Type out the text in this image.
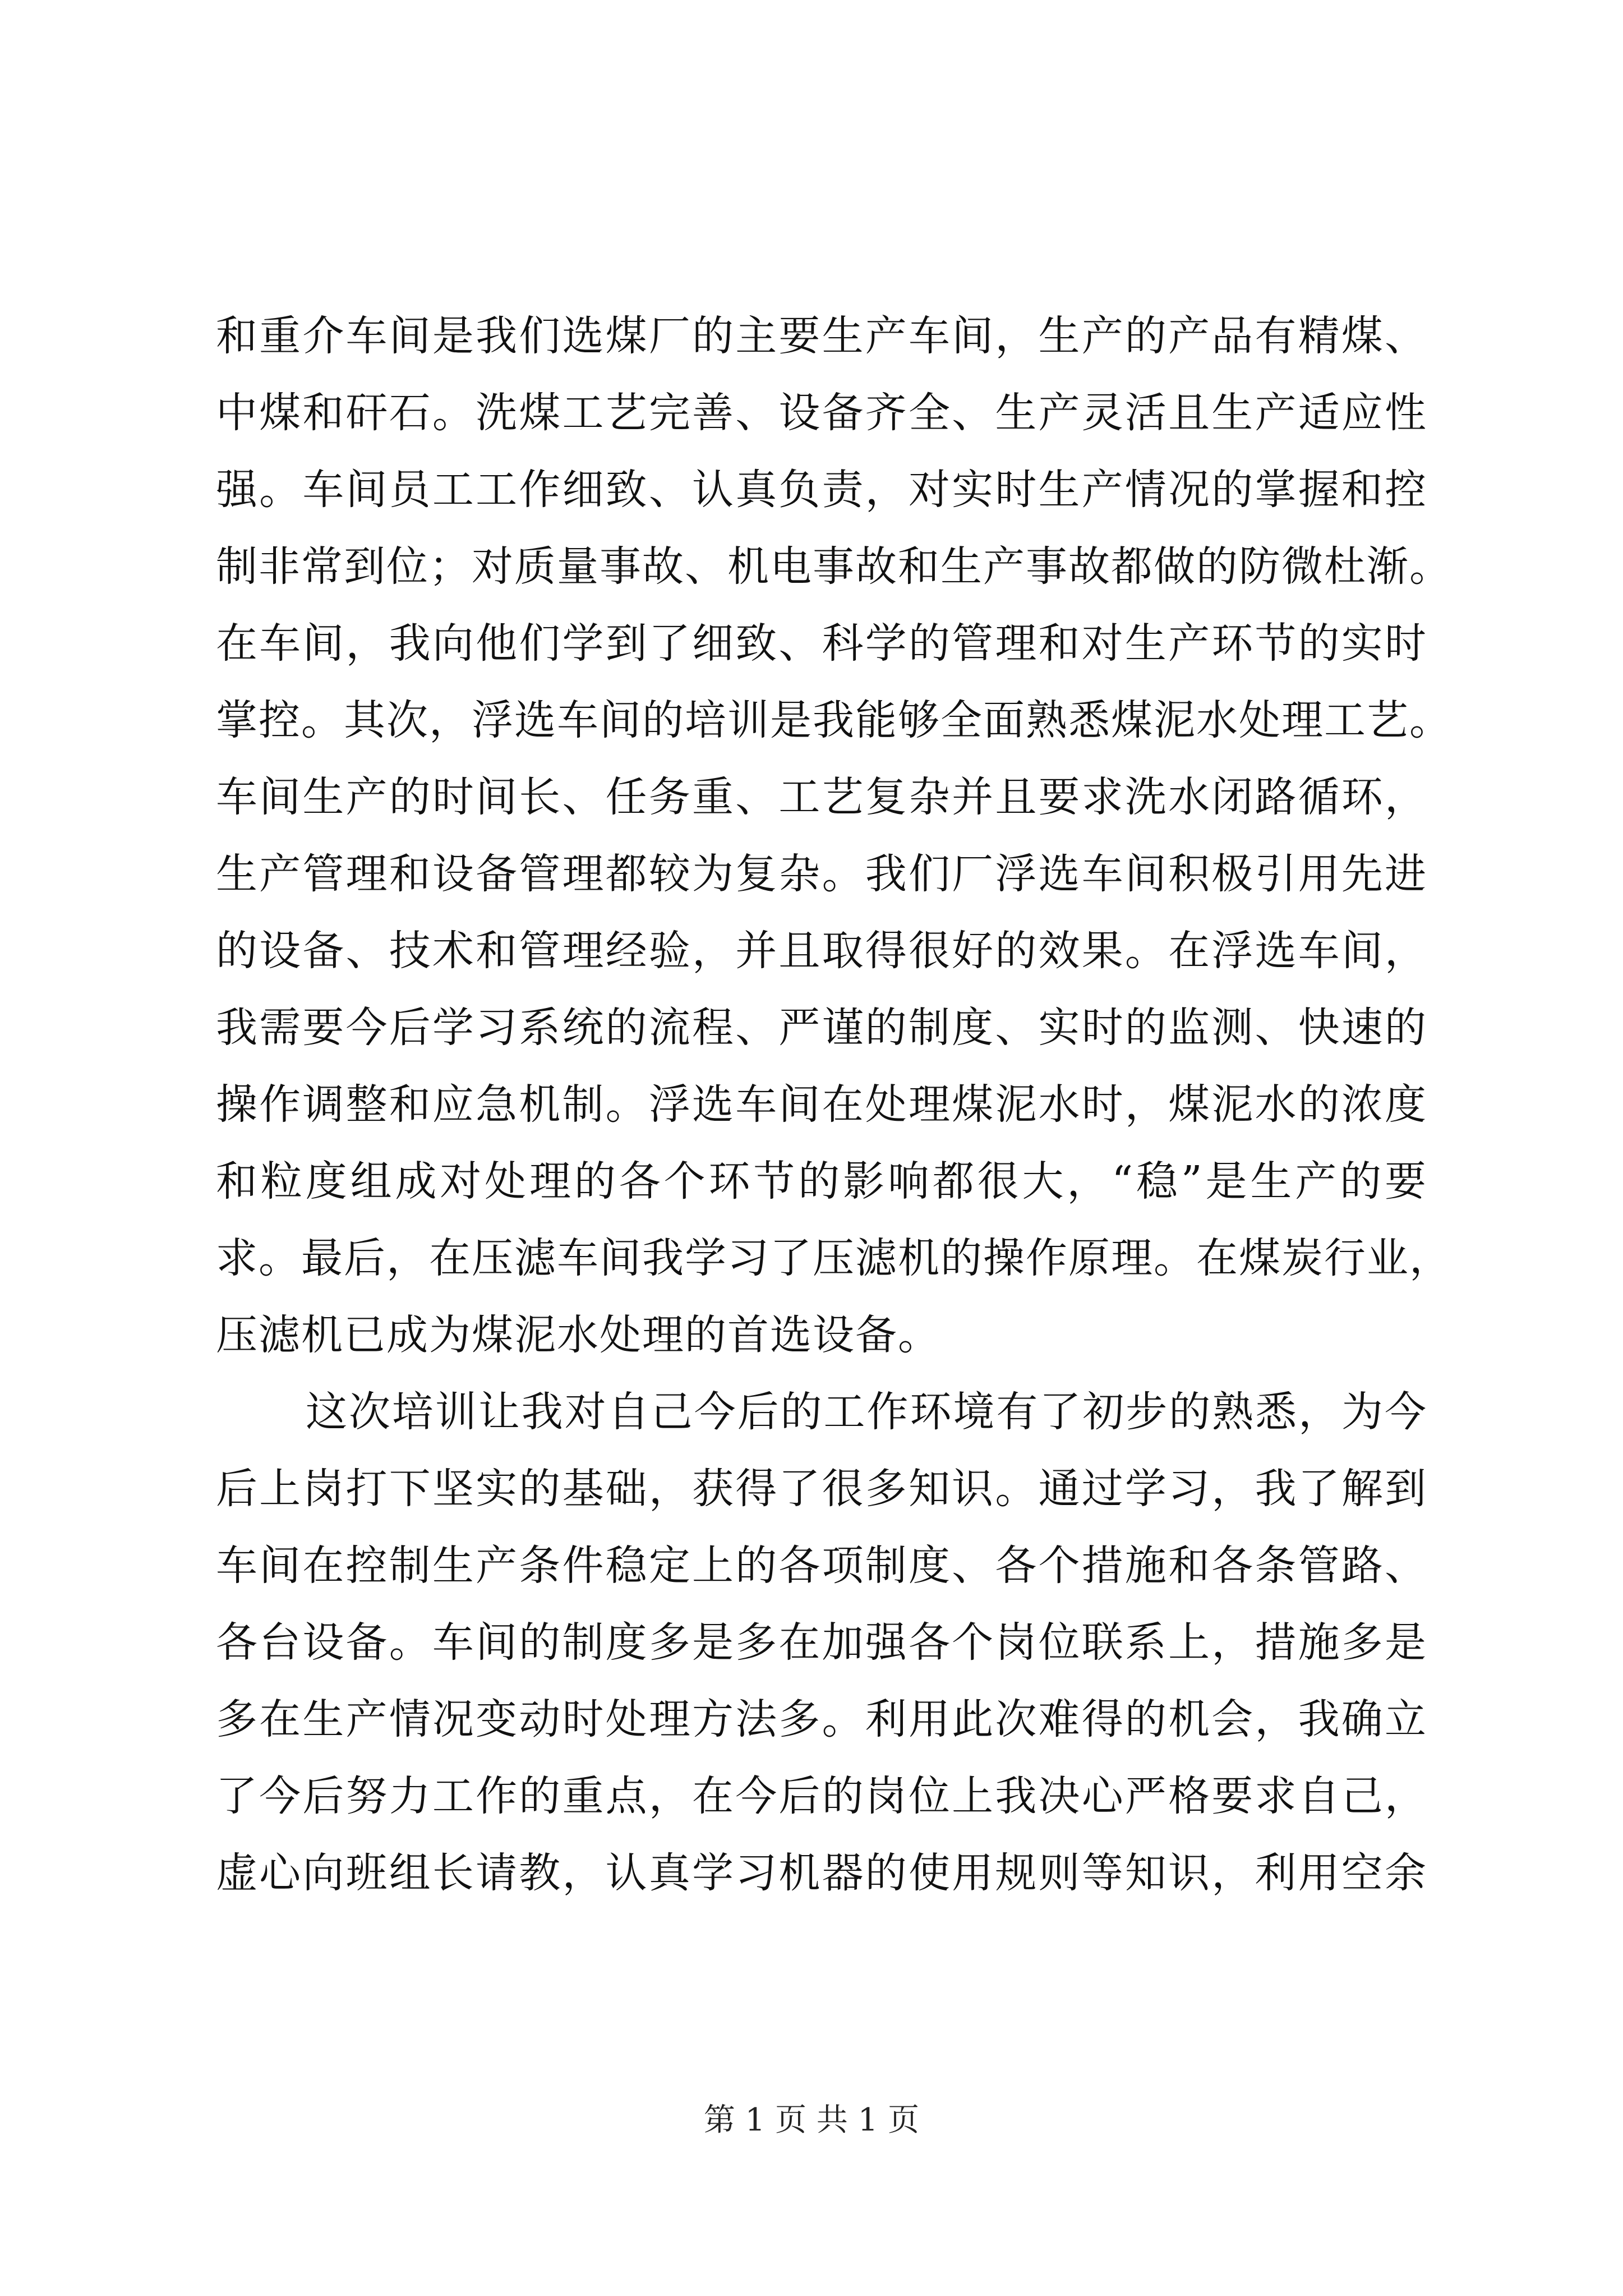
和重介车间是我们选煤厂的主要生产车间，生产的产品有精煤、
中煤和矸石。洗煤工艺完善、设备齐全、生产灵活且生产适应性
强。车间员工工作细致、认真负责，对实时生产情况的掌握和控
制非常到位；对质量事故、机电事故和生产事故都做的防微杜渐。
在车间，我向他们学到了细致、科学的管理和对生产环节的实时
掌控。其次，浮选车间的培训是我能够全面熟悉煤泥水处理工艺。
车间生产的时间长、任务重、工艺复杂并且要求洗水闭路循环，
生产管理和设备管理都较为复杂。我们厂浮选车间积极引用先进
的设备、技术和管理经验，并且取得很好的效果。在浮选车间，
我需要今后学习系统的流程、严谨的制度、实时的监测、快速的
操作调整和应急机制。浮选车间在处理煤泥水时，煤泥水的浓度
和粒度组成对处理的各个环节的影响都很大，“稳”是生产的要
求。最后，在压滤车间我学习了压滤机的操作原理。在煤炭行业，
压滤机已成为煤泥水处理的首选设备。
这次培训让我对自己今后的工作环境有了初步的熟悉，为今
后上岗打下坚实的基础，获得了很多知识。通过学习，我了解到
车间在控制生产条件稳定上的各项制度、各个措施和各条管路、
各台设备。车间的制度多是多在加强各个岗位联系上，措施多是
多在生产情况变动时处理方法多。利用此次难得的机会，我确立
了今后努力工作的重点，在今后的岗位上我决心严格要求自己，
虚心向班组长请教，认真学习机器的使用规则等知识，利用空余
第 1 页 共 1 页
